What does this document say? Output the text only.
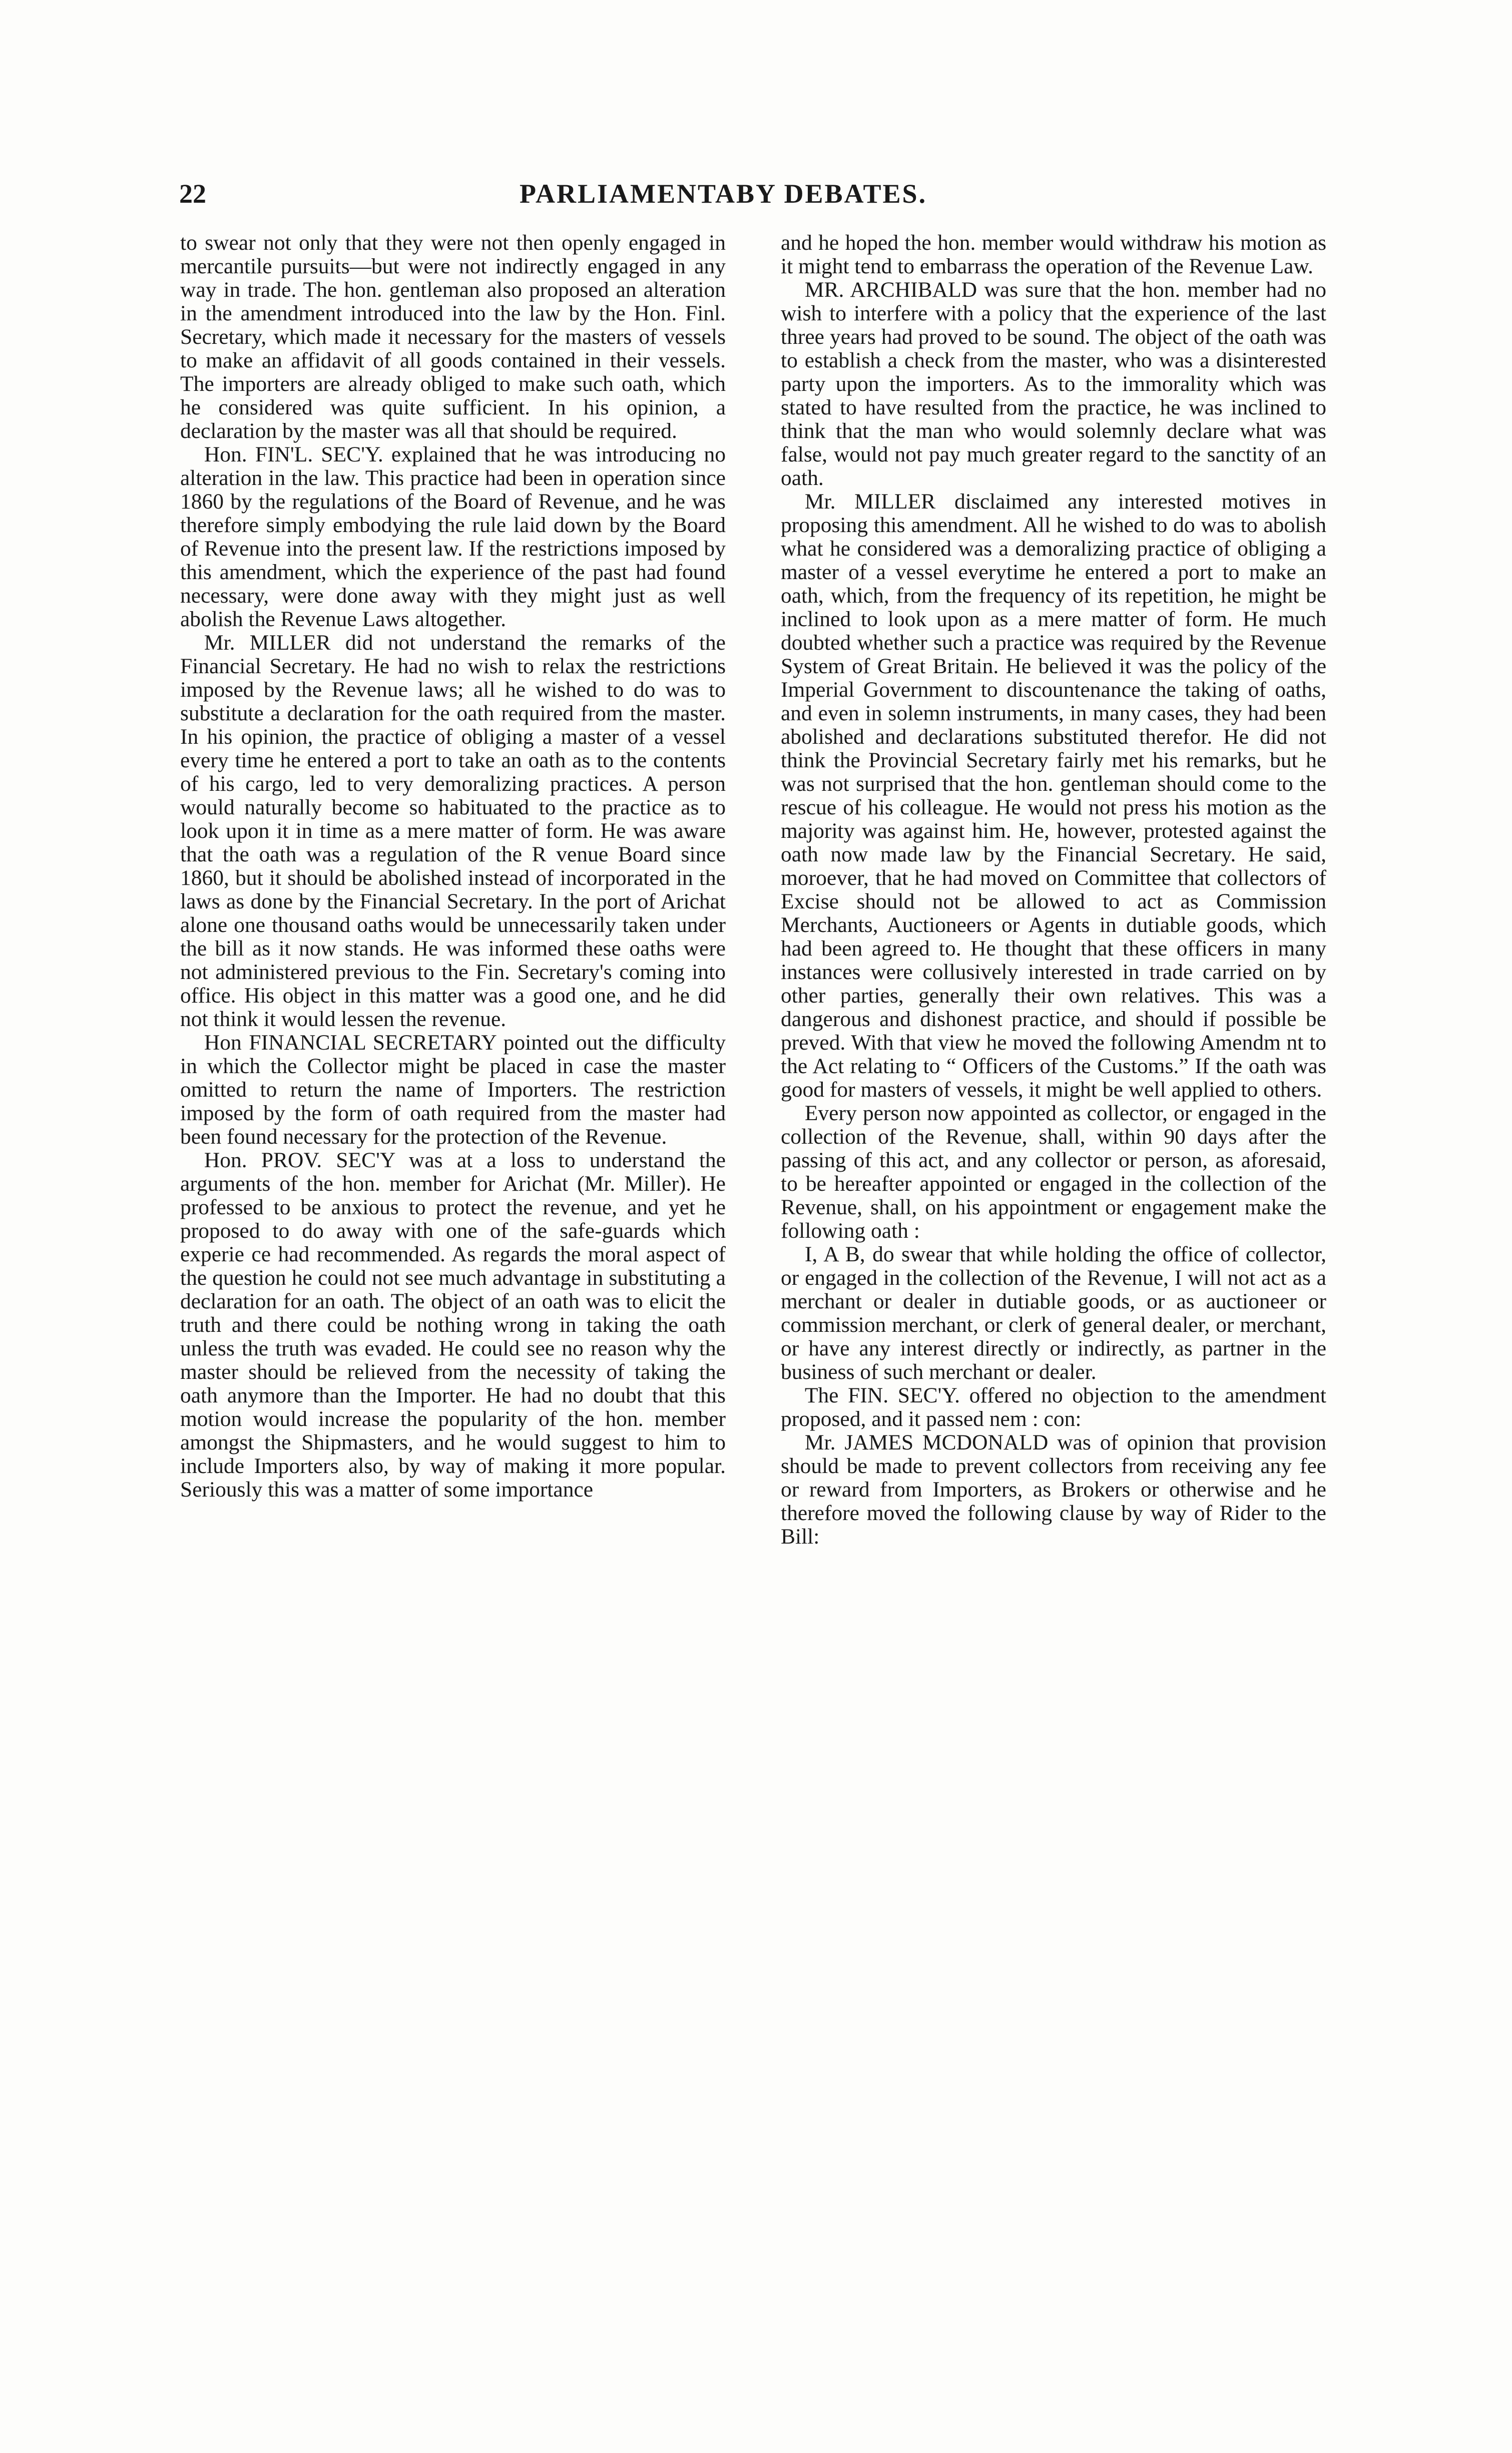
22	PARLIAMENTABY DEBATES.

to swear not only that they were not then openly engaged in mercantile pursuits—but were not indirectly engaged in any way in trade. The hon. gentleman also proposed an alteration in the amendment introduced into the law by the Hon. Finl. Secretary, which made it necessary for the masters of vessels to make an affidavit of all goods contained in their vessels. The importers are already obliged to make such oath, which he considered was quite sufficient. In his opinion, a declaration by the master was all that should be required.

Hon. FIN'L. SEC'Y. explained that he was introducing no alteration in the law. This practice had been in operation since 1860 by the regulations of the Board of Revenue, and he was therefore simply embodying the rule laid down by the Board of Revenue into the present law. If the restrictions imposed by this amendment, which the experience of the past had found necessary, were done away with they might just as well abolish the Revenue Laws altogether.

Mr. MILLER did not understand the remarks of the Financial Secretary. He had no wish to relax the restrictions imposed by the Revenue laws; all he wished to do was to substitute a declaration for the oath required from the master. In his opinion, the practice of obliging a master of a vessel every time he entered a port to take an oath as to the contents of his cargo, led to very demoralizing practices. A person would naturally become so habituated to the practice as to look upon it in time as a mere matter of form. He was aware that the oath was a regulation of the R venue Board since 1860, but it should be abolished instead of incorporated in the laws as done by the Financial Secretary. In the port of Arichat alone one thousand oaths would be unnecessarily taken under the bill as it now stands. He was informed these oaths were not administered previous to the Fin. Secretary's coming into office. His object in this matter was a good one, and he did not think it would lessen the revenue.

Hon FINANCIAL SECRETARY pointed out the difficulty in which the Collector might be placed in case the master omitted to return the name of Importers. The restriction imposed by the form of oath required from the master had been found necessary for the protection of the Revenue.

Hon. PROV. SEC'Y was at a loss to understand the arguments of the hon. member for Arichat (Mr. Miller). He professed to be anxious to protect the revenue, and yet he proposed to do away with one of the safe-guards which experie ce had recommended. As regards the moral aspect of the question he could not see much advantage in substituting a declaration for an oath. The object of an oath was to elicit the truth and there could be nothing wrong in taking the oath unless the truth was evaded. He could see no reason why the master should be relieved from the necessity of taking the oath anymore than the Importer. He had no doubt that this motion would increase the popularity of the hon. member amongst the Shipmasters, and he would suggest to him to include Importers also, by way of making it more popular. Seriously this was a matter of some importance

and he hoped the hon. member would withdraw his motion as it might tend to embarrass the operation of the Revenue Law.

MR. ARCHIBALD was sure that the hon. member had no wish to interfere with a policy that the experience of the last three years had proved to be sound. The object of the oath was to establish a check from the master, who was a disinterested party upon the importers. As to the immorality which was stated to have resulted from the practice, he was inclined to think that the man who would solemnly declare what was false, would not pay much greater regard to the sanctity of an oath.

Mr. MILLER disclaimed any interested motives in proposing this amendment. All he wished to do was to abolish what he considered was a demoralizing practice of obliging a master of a vessel everytime he entered a port to make an oath, which, from the frequency of its repetition, he might be inclined to look upon as a mere matter of form. He much doubted whether such a practice was required by the Revenue System of Great Britain. He believed it was the policy of the Imperial Government to discountenance the taking of oaths, and even in solemn instruments, in many cases, they had been abolished and declarations substituted therefor. He did not think the Provincial Secretary fairly met his remarks, but he was not surprised that the hon. gentleman should come to the rescue of his colleague. He would not press his motion as the majority was against him. He, however, protested against the oath now made law by the Financial Secretary. He said, moroever, that he had moved on Committee that collectors of Excise should not be allowed to act as Commission Merchants, Auctioneers or Agents in dutiable goods, which had been agreed to. He thought that these officers in many instances were collusively interested in trade carried on by other parties, generally their own relatives. This was a dangerous and dishonest practice, and should if possible be preved. With that view he moved the following Amendm nt to the Act relating to “ Officers of the Customs.” If the oath was good for masters of vessels, it might be well applied to others.

Every person now appointed as collector, or engaged in the collection of the Revenue, shall, within 90 days after the passing of this act, and any collector or person, as aforesaid, to be hereafter appointed or engaged in the collection of the Revenue, shall, on his appointment or engagement make the following oath :

I, A B, do swear that while holding the office of collector, or engaged in the collection of the Revenue, I will not act as a merchant or dealer in dutiable goods, or as auctioneer or commission merchant, or clerk of general dealer, or merchant, or have any interest directly or indirectly, as partner in the business of such merchant or dealer.

The FIN. SEC'Y. offered no objection to the amendment proposed, and it passed nem : con:

Mr. JAMES MCDONALD was of opinion that provision should be made to prevent collectors from receiving any fee or reward from Importers, as Brokers or otherwise and he therefore moved the following clause by way of Rider to the Bill:
